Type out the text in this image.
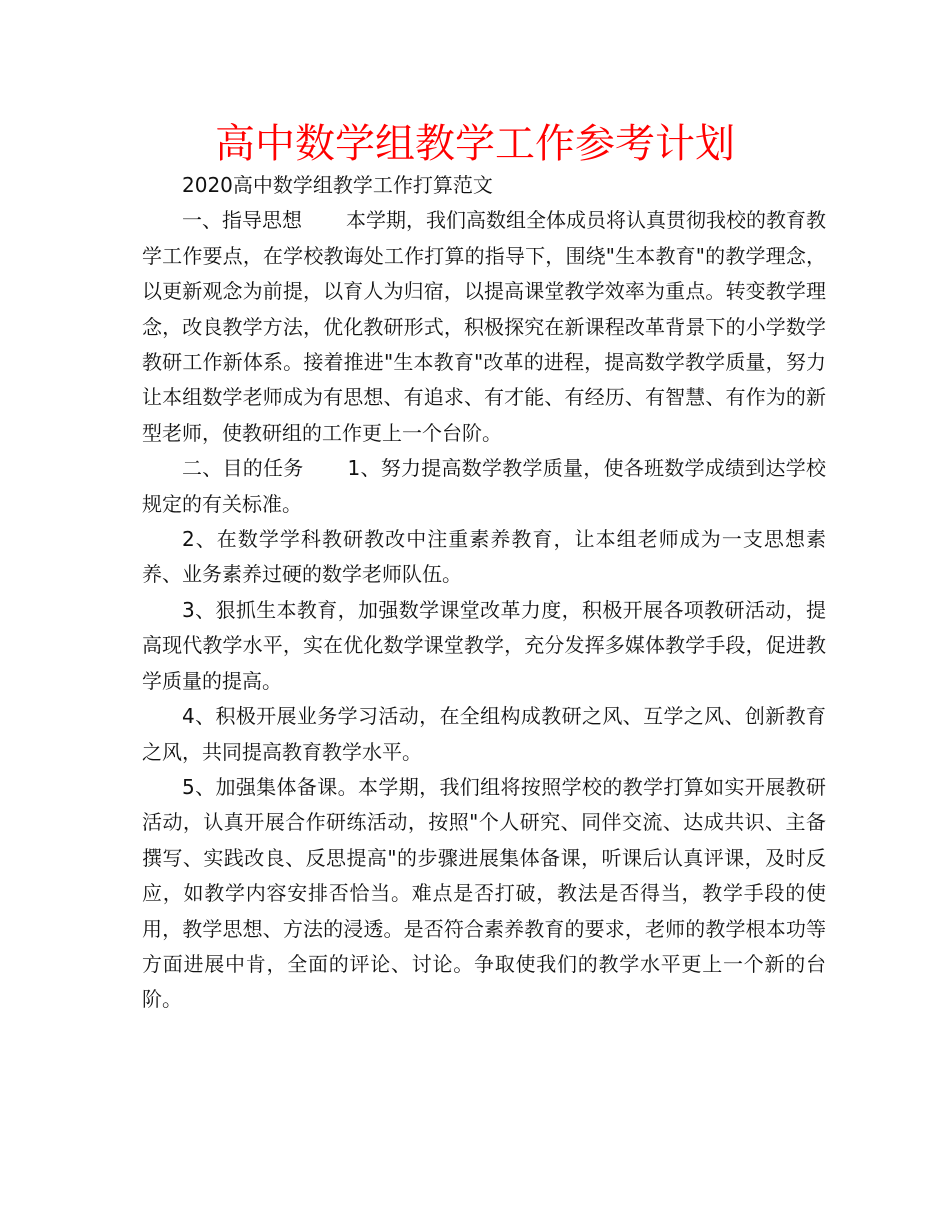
高中数学组教学工作参考计划

2020高中数学组教学工作打算范文

一、指导思想 本学期，我们高数组全体成员将认真贯彻我校的教育教学工作要点，在学校教诲处工作打算的指导下，围绕"生本教育"的教学理念，以更新观念为前提，以育人为归宿，以提高课堂教学效率为重点。转变教学理念，改良教学方法，优化教研形式，积极探究在新课程改革背景下的小学数学教研工作新体系。接着推进"生本教育"改革的进程，提高数学教学质量，努力让本组数学老师成为有思想、有追求、有才能、有经历、有智慧、有作为的新型老师，使教研组的工作更上一个台阶。

二、目的任务 1、努力提高数学教学质量，使各班数学成绩到达学校规定的有关标准。

2、在数学学科教研教改中注重素养教育，让本组老师成为一支思想素养、业务素养过硬的数学老师队伍。

3、狠抓生本教育，加强数学课堂改革力度，积极开展各项教研活动，提高现代教学水平，实在优化数学课堂教学，充分发挥多媒体教学手段，促进教学质量的提高。

4、积极开展业务学习活动，在全组构成教研之风、互学之风、创新教育之风，共同提高教育教学水平。

5、加强集体备课。本学期，我们组将按照学校的教学打算如实开展教研活动，认真开展合作研练活动，按照"个人研究、同伴交流、达成共识、主备撰写、实践改良、反思提高"的步骤进展集体备课，听课后认真评课，及时反应，如教学内容安排否恰当。难点是否打破，教法是否得当，教学手段的使用，教学思想、方法的浸透。是否符合素养教育的要求，老师的教学根本功等方面进展中肯，全面的评论、讨论。争取使我们的教学水平更上一个新的台阶。
